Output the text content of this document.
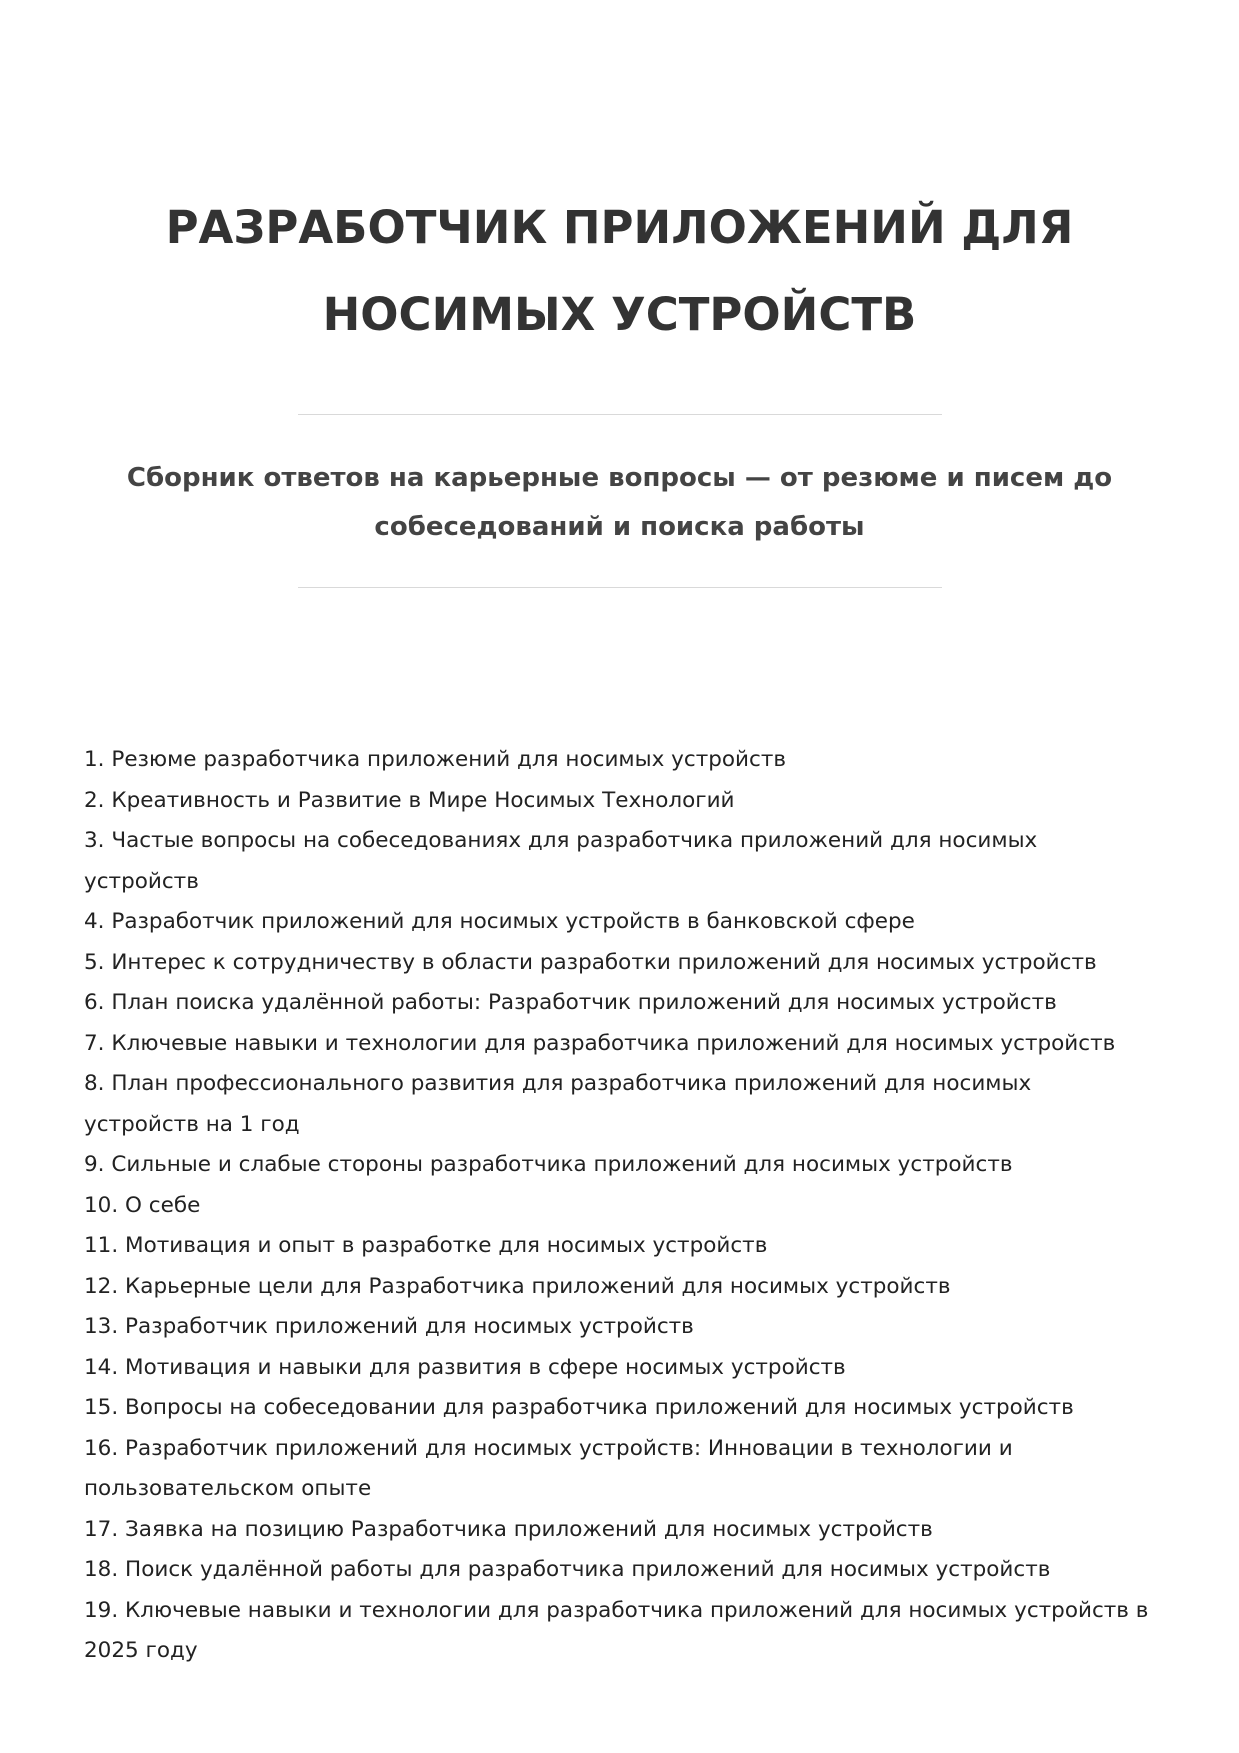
РАЗРАБОТЧИК ПРИЛОЖЕНИЙ ДЛЯ
НОСИМЫХ УСТРОЙСТВ

Сборник ответов на карьерные вопросы — от резюме и писем до
собеседований и поиска работы

1. Резюме разработчика приложений для носимых устройств
2. Креативность и Развитие в Мире Носимых Технологий
3. Частые вопросы на собеседованиях для разработчика приложений для носимых
устройств
4. Разработчик приложений для носимых устройств в банковской сфере
5. Интерес к сотрудничеству в области разработки приложений для носимых устройств
6. План поиска удалённой работы: Разработчик приложений для носимых устройств
7. Ключевые навыки и технологии для разработчика приложений для носимых устройств
8. План профессионального развития для разработчика приложений для носимых
устройств на 1 год
9. Сильные и слабые стороны разработчика приложений для носимых устройств
10. О себе
11. Мотивация и опыт в разработке для носимых устройств
12. Карьерные цели для Разработчика приложений для носимых устройств
13. Разработчик приложений для носимых устройств
14. Мотивация и навыки для развития в сфере носимых устройств
15. Вопросы на собеседовании для разработчика приложений для носимых устройств
16. Разработчик приложений для носимых устройств: Инновации в технологии и
пользовательском опыте
17. Заявка на позицию Разработчика приложений для носимых устройств
18. Поиск удалённой работы для разработчика приложений для носимых устройств
19. Ключевые навыки и технологии для разработчика приложений для носимых устройств в
2025 году
